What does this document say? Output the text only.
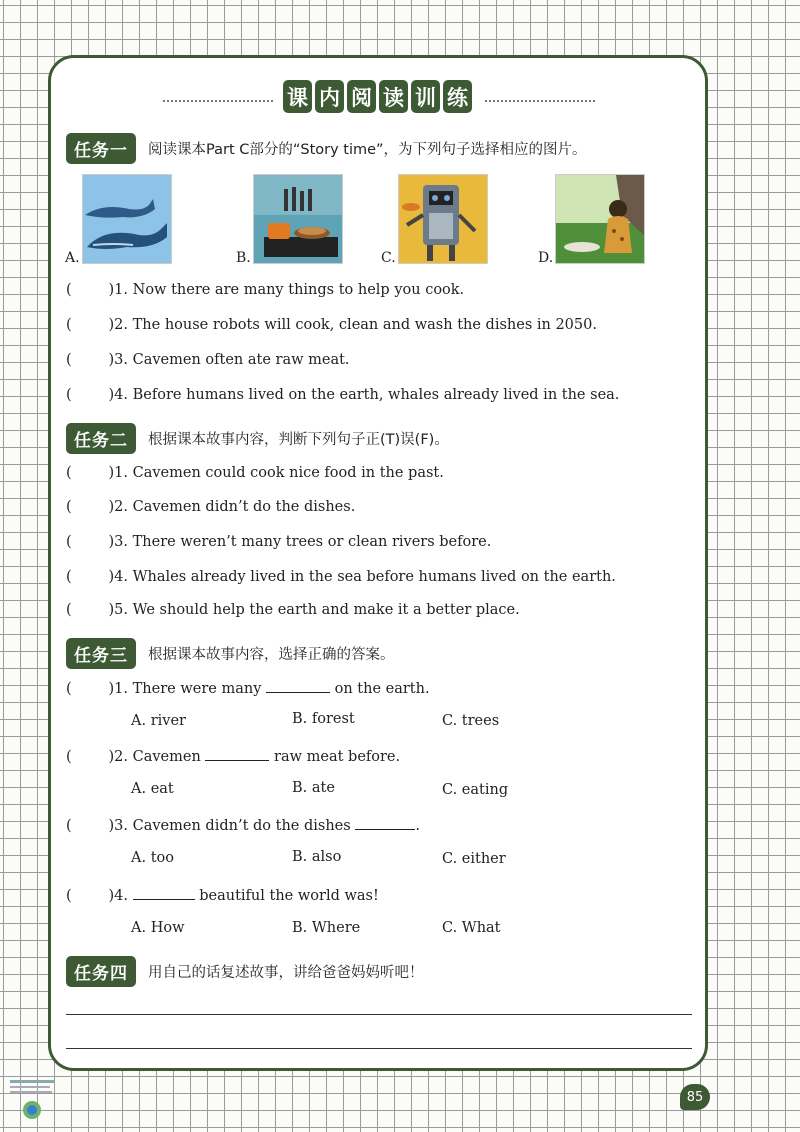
课 内 阅 读 训 练
任务一	阅读课本Part C部分的“Story time”，为下列句子选择相应的图片。
A.	B.	C.	D.
(        )1. Now there are many things to help you cook.
(        )2. The house robots will cook, clean and wash the dishes in 2050.
(        )3. Cavemen often ate raw meat.
(        )4. Before humans lived on the earth, whales already lived in the sea.
任务二	根据课本故事内容，判断下列句子正(T)误(F)。
(        )1. Cavemen could cook nice food in the past.
(        )2. Cavemen didn’t do the dishes.
(        )3. There weren’t many trees or clean rivers before.
(        )4. Whales already lived in the sea before humans lived on the earth.
(        )5. We should help the earth and make it a better place.
任务三	根据课本故事内容，选择正确的答案。
(        )1. There were many	on the earth.
A. river	B. forest	C. trees
(        )2. Cavemen	raw meat before.
A. eat	B. ate	C. eating
(        )3. Cavemen didn’t do the dishes	.
A. too	B. also	C. either
(        )4.	beautiful the world was!
A. How	B. Where	C. What
任务四	用自己的话复述故事，讲给爸爸妈妈听吧！
85
